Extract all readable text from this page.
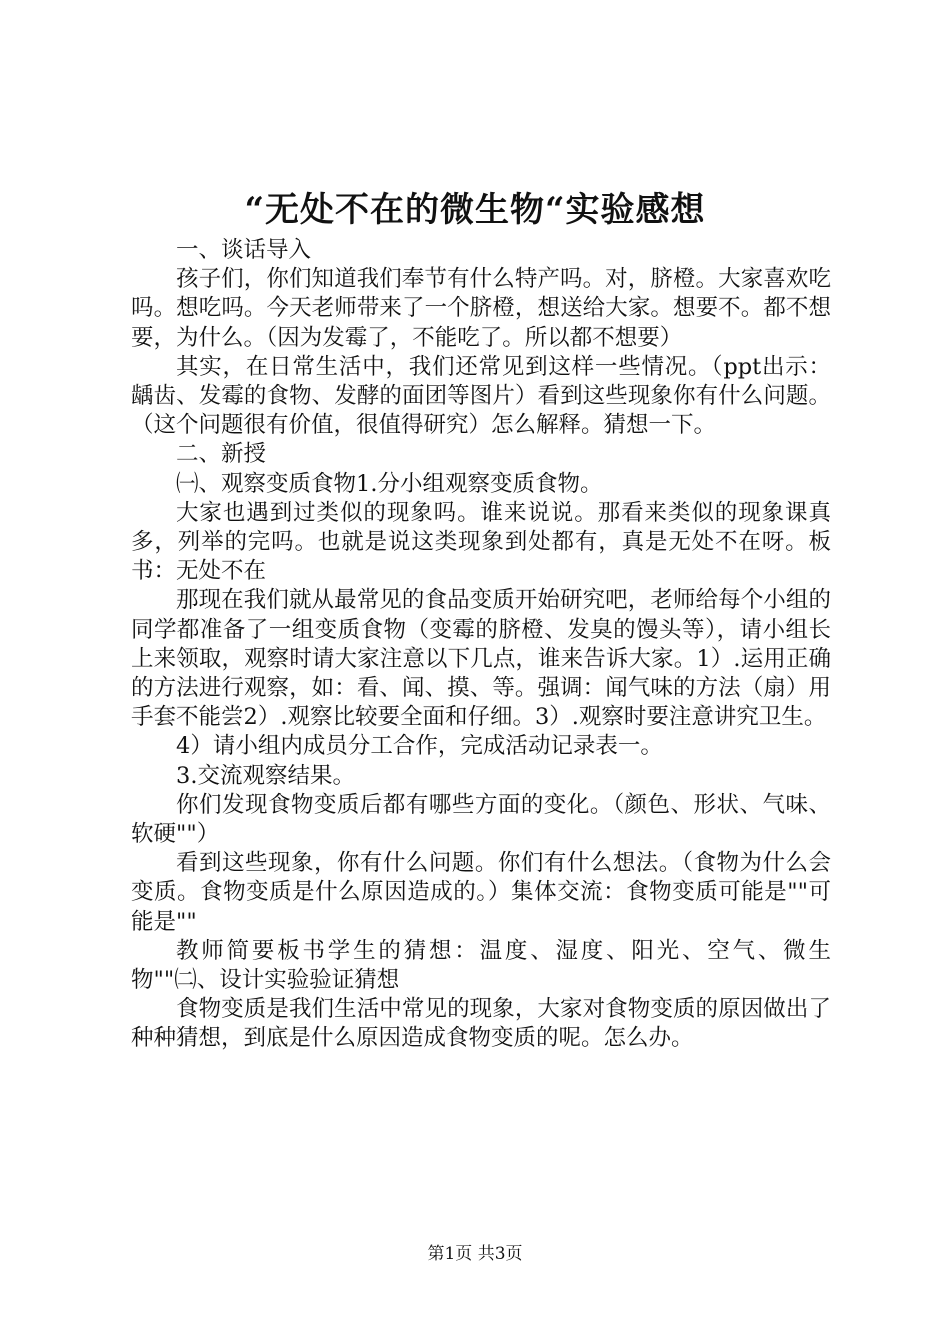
“无处不在的微生物“实验感想

一、谈话导入

孩子们，你们知道我们奉节有什么特产吗。对，脐橙。大家喜欢吃吗。想吃吗。今天老师带来了一个脐橙，想送给大家。想要不。都不想要，为什么。（因为发霉了，不能吃了。所以都不想要）

其实，在日常生活中，我们还常见到这样一些情况。（ppt出示：龋齿、发霉的食物、发酵的面团等图片）看到这些现象你有什么问题。（这个问题很有价值，很值得研究）怎么解释。猜想一下。

二、新授

㈠、观察变质食物1.分小组观察变质食物。

大家也遇到过类似的现象吗。谁来说说。那看来类似的现象课真多，列举的完吗。也就是说这类现象到处都有，真是无处不在呀。板书：无处不在

那现在我们就从最常见的食品变质开始研究吧，老师给每个小组的同学都准备了一组变质食物（变霉的脐橙、发臭的馒头等），请小组长上来领取，观察时请大家注意以下几点，谁来告诉大家。1）.运用正确的方法进行观察，如：看、闻、摸、等。强调：闻气味的方法（扇）用手套不能尝2）.观察比较要全面和仔细。3）.观察时要注意讲究卫生。

4）请小组内成员分工合作，完成活动记录表一。

3.交流观察结果。

你们发现食物变质后都有哪些方面的变化。（颜色、形状、气味、软硬""）

看到这些现象，你有什么问题。你们有什么想法。（食物为什么会变质。食物变质是什么原因造成的。）集体交流：食物变质可能是""可能是""

教师简要板书学生的猜想：温度、湿度、阳光、空气、微生物""㈡、设计实验验证猜想

食物变质是我们生活中常见的现象，大家对食物变质的原因做出了种种猜想，到底是什么原因造成食物变质的呢。怎么办。

第1页 共3页
